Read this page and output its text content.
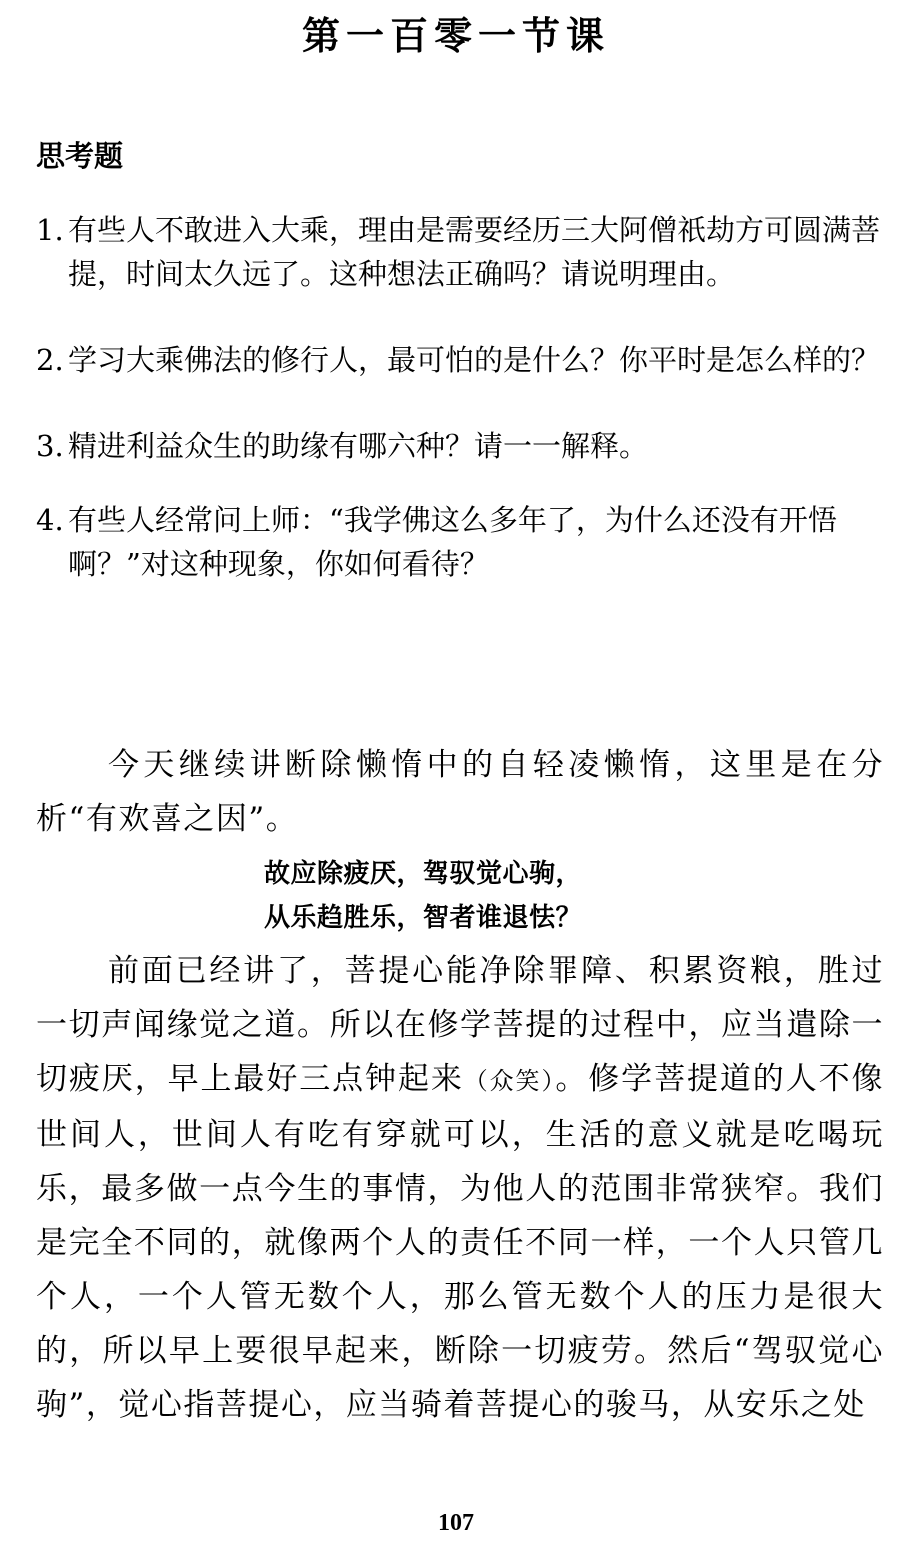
第一百零一节课
思考题
1. 有些人不敢进入大乘，理由是需要经历三大阿僧祇劫方可圆满菩提，时间太久远了。这种想法正确吗？请说明理由。
2. 学习大乘佛法的修行人，最可怕的是什么？你平时是怎么样的？
3. 精进利益众生的助缘有哪六种？请一一解释。
4. 有些人经常问上师：“我学佛这么多年了，为什么还没有开悟啊？”对这种现象，你如何看待？

今天继续讲断除懒惰中的自轻凌懒惰，这里是在分析“有欢喜之因”。

故应除疲厌，驾驭觉心驹，

从乐趋胜乐，智者谁退怯？

前面已经讲了，菩提心能净除罪障、积累资粮，胜过一切声闻缘觉之道。所以在修学菩提的过程中，应当遣除一切疲厌，早上最好三点钟起来（众笑）。修学菩提道的人不像世间人，世间人有吃有穿就可以，生活的意义就是吃喝玩乐，最多做一点今生的事情，为他人的范围非常狭窄。我们是完全不同的，就像两个人的责任不同一样，一个人只管几个人，一个人管无数个人，那么管无数个人的压力是很大的，所以早上要很早起来，断除一切疲劳。然后“驾驭觉心驹”，觉心指菩提心，应当骑着菩提心的骏马，从安乐之处

107
